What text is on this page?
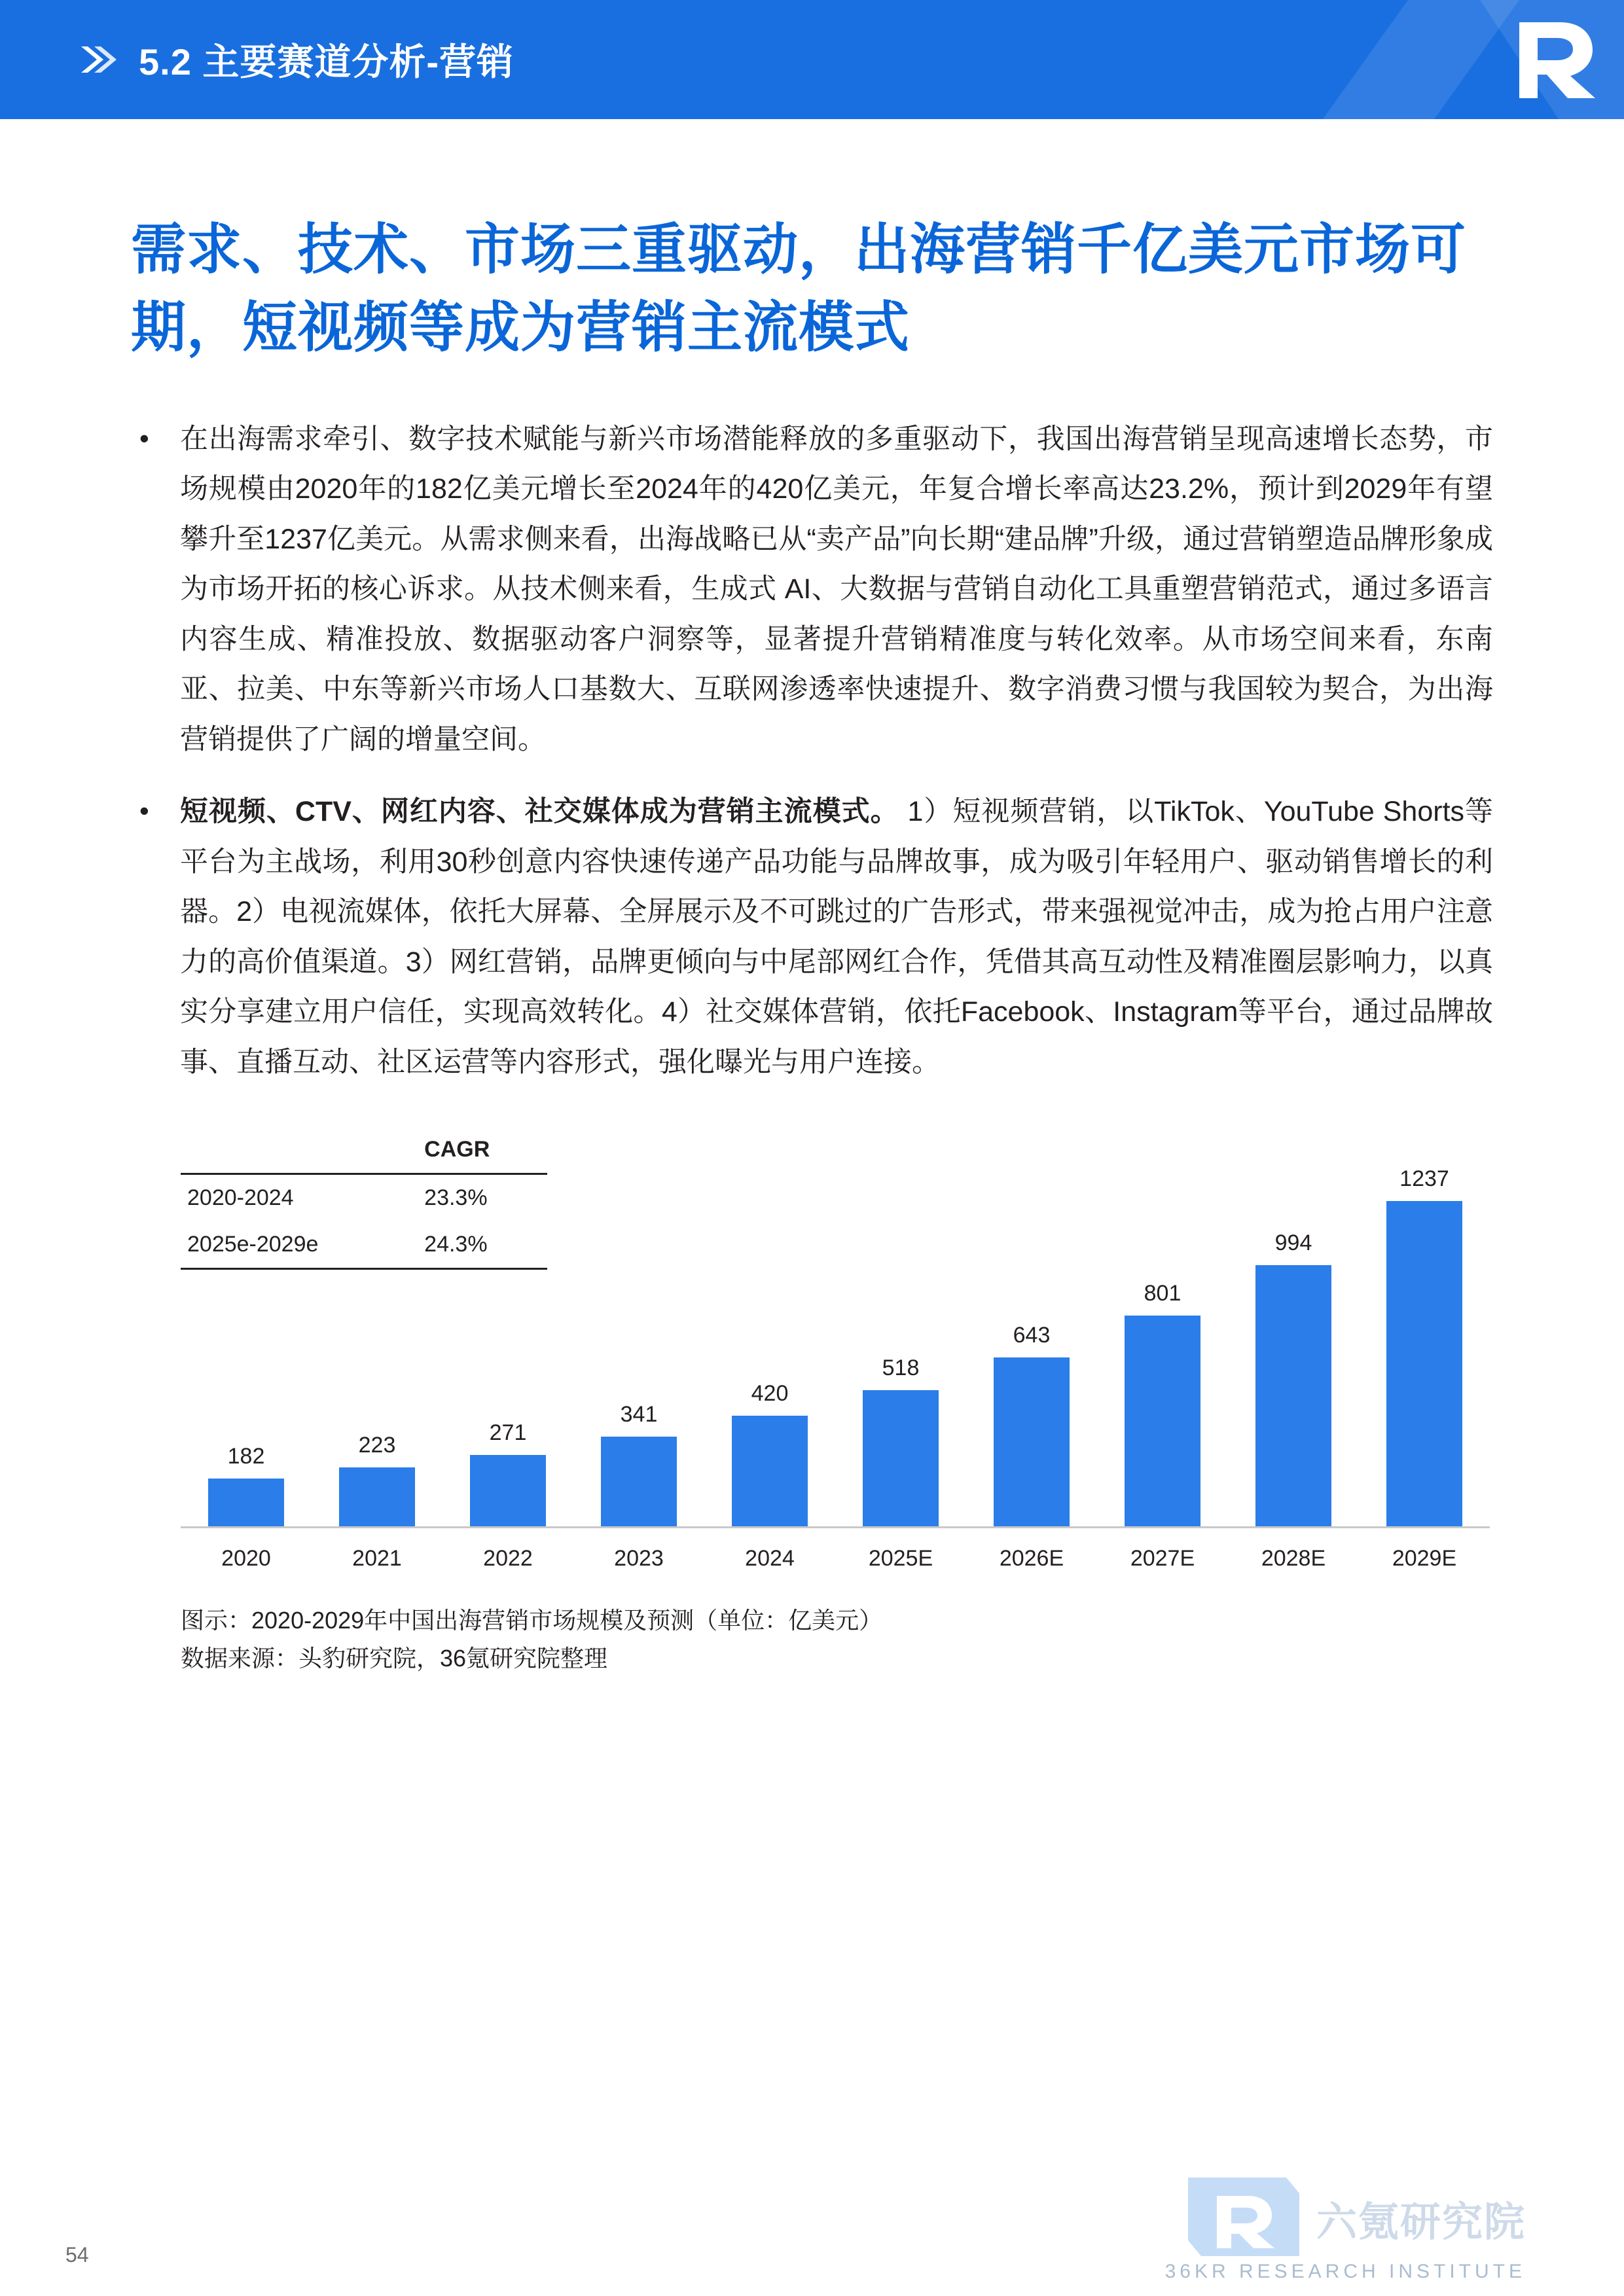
5.2 主要赛道分析-营销
需求、技术、市场三重驱动，出海营销千亿美元市场可期，短视频等成为营销主流模式
•	在出海需求牵引、数字技术赋能与新兴市场潜能释放的多重驱动下，我国出海营销呈现高速增长态势，市场规模由2020年的182亿美元增长至2024年的420亿美元，年复合增长率高达23.2%，预计到2029年有望攀升至1237亿美元。从需求侧来看，出海战略已从“卖产品”向长期“建品牌”升级，通过营销塑造品牌形象成为市场开拓的核心诉求。从技术侧来看，生成式 AI、大数据与营销自动化工具重塑营销范式，通过多语言内容生成、精准投放、数据驱动客户洞察等，显著提升营销精准度与转化效率。从市场空间来看，东南亚、拉美、中东等新兴市场人口基数大、互联网渗透率快速提升、数字消费习惯与我国较为契合，为出海营销提供了广阔的增量空间。
•	短视频、CTV、网红内容、社交媒体成为营销主流模式。 1）短视频营销，以TikTok、YouTube Shorts等平台为主战场，利用30秒创意内容快速传递产品功能与品牌故事，成为吸引年轻用户、驱动销售增长的利器。2）电视流媒体，依托大屏幕、全屏展示及不可跳过的广告形式，带来强视觉冲击，成为抢占用户注意力的高价值渠道。3）网红营销，品牌更倾向与中尾部网红合作，凭借其高互动性及精准圈层影响力，以真实分享建立用户信任，实现高效转化。4）社交媒体营销，依托Facebook、Instagram等平台，通过品牌故事、直播互动、社区运营等内容形式，强化曝光与用户连接。
	CAGR
2020-2024	23.3%
2025e-2029e	24.3%
182	223	271
341
420
518
643
801
994
1237
2020	2021	2022	2023	2024	2025E	2026E	2027E	2028E	2029E
图示：2020-2029年中国出海营销市场规模及预测（单位：亿美元）
数据来源：头豹研究院，36氪研究院整理
54
六氪研究院
36KR RESEARCH INSTITUTE
